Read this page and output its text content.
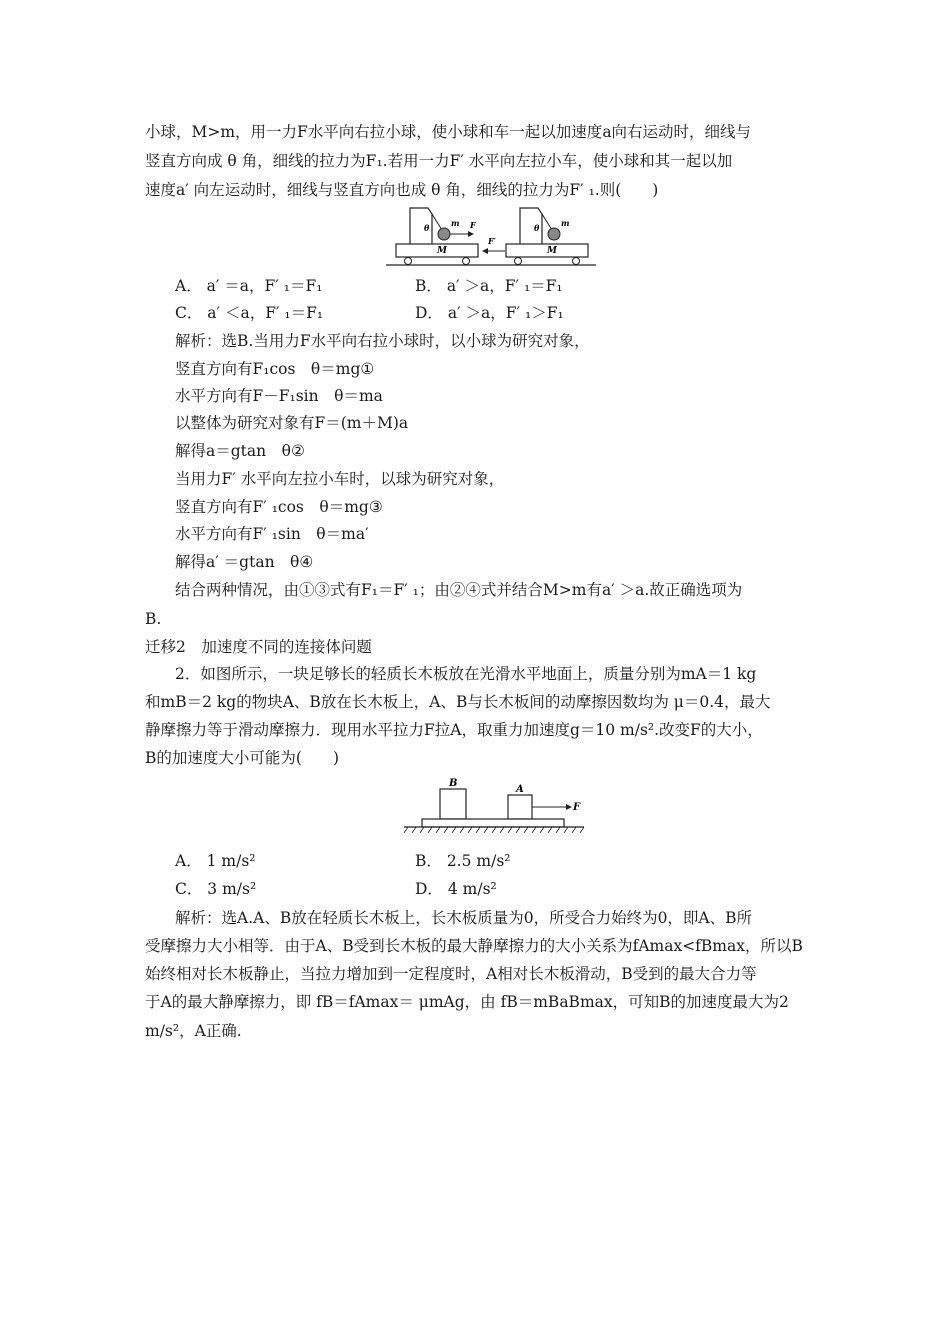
小球，M>m，用一力F水平向右拉小球，使小球和车一起以加速度a向右运动时，细线与
竖直方向成 θ 角，细线的拉力为F₁.若用一力F′ 水平向左拉小车，使小球和其一起以加
速度a′ 向左运动时，细线与竖直方向也成 θ 角，细线的拉力为F′ ₁.则(　　)
M
m F
θ
M
m
F′
θ
A． a′ ＝a，F′ ₁＝F₁	B． a′ ＞a，F′ ₁＝F₁
C． a′ ＜a，F′ ₁＝F₁	D． a′ ＞a，F′ ₁＞F₁
解析：选B.当用力F水平向右拉小球时，以小球为研究对象，
竖直方向有F₁cos　θ＝mg①
水平方向有F－F₁sin　θ＝ma
以整体为研究对象有F＝(m＋M)a
解得a＝gtan　θ②
当用力F′ 水平向左拉小车时，以球为研究对象，
竖直方向有F′ ₁cos　θ＝mg③
水平方向有F′ ₁sin　θ＝ma′
解得a′ ＝gtan　θ④
结合两种情况，由①③式有F₁＝F′ ₁；由②④式并结合M>m有a′ ＞a.故正确选项为
B.
迁移2　加速度不同的连接体问题
2．如图所示，一块足够长的轻质长木板放在光滑水平地面上，质量分别为mA＝1 kg
和mB＝2 kg的物块A、B放在长木板上，A、B与长木板间的动摩擦因数均为 μ＝0.4，最大
静摩擦力等于滑动摩擦力．现用水平拉力F拉A，取重力加速度g＝10 m/s².改变F的大小，
B的加速度大小可能为(　　)
B
A
F
A． 1 m/s²	B． 2.5 m/s²
C． 3 m/s²	D． 4 m/s²
解析：选A.A、B放在轻质长木板上，长木板质量为0，所受合力始终为0，即A、B所
受摩擦力大小相等．由于A、B受到长木板的最大静摩擦力的大小关系为fAmax<fBmax，所以B
始终相对长木板静止，当拉力增加到一定程度时，A相对长木板滑动，B受到的最大合力等
于A的最大静摩擦力，即 fB＝fAmax＝ μmAg，由 fB＝mBaBmax，可知B的加速度最大为2
m/s²，A正确.
